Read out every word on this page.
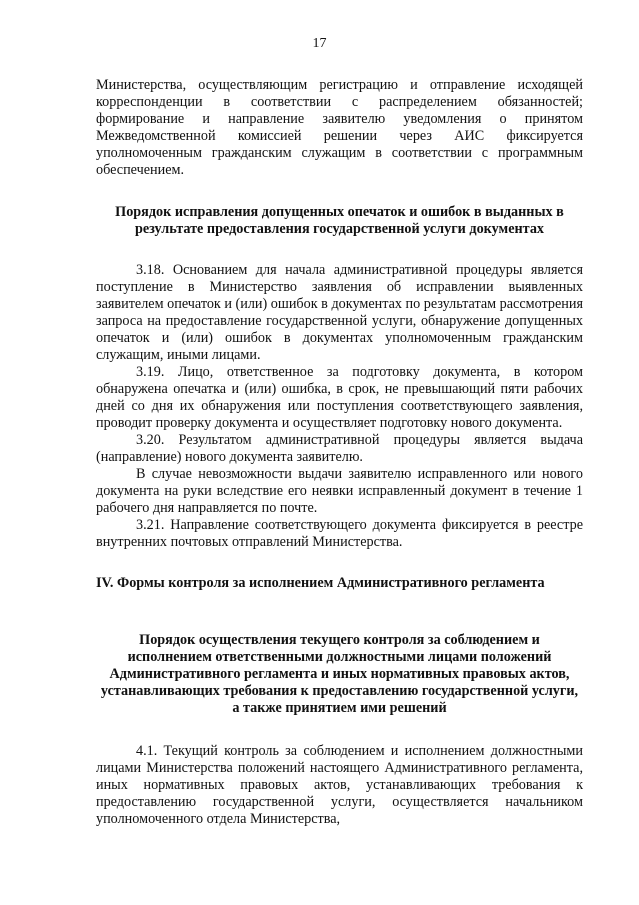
17

Министерства, осуществляющим регистрацию и отправление исходящей корреспонденции в соответствии с распределением обязанностей; формирование и направление заявителю уведомления о принятом Межведомственной комиссией решении через АИС фиксируется уполномоченным гражданским служащим в соответствии с программным обеспечением.

Порядок исправления допущенных опечаток и ошибок в выданных в результате предоставления государственной услуги документах

3.18. Основанием для начала административной процедуры является поступление в Министерство заявления об исправлении выявленных заявителем опечаток и (или) ошибок в документах по результатам рассмотрения запроса на предоставление государственной услуги, обнаружение допущенных опечаток и (или) ошибок в документах уполномоченным гражданским служащим, иными лицами.

3.19. Лицо, ответственное за подготовку документа, в котором обнаружена опечатка и (или) ошибка, в срок, не превышающий пяти рабочих дней со дня их обнаружения или поступления соответствующего заявления, проводит проверку документа и осуществляет подготовку нового документа.

3.20. Результатом административной процедуры является выдача (направление) нового документа заявителю.

В случае невозможности выдачи заявителю исправленного или нового документа на руки вследствие его неявки исправленный документ в течение 1 рабочего дня направляется по почте.

3.21. Направление соответствующего документа фиксируется в реестре внутренних почтовых отправлений Министерства.

IV. Формы контроля за исполнением Административного регламента
Порядок осуществления текущего контроля за соблюдением и исполнением ответственными должностными лицами положений Административного регламента и иных нормативных правовых актов, устанавливающих требования к предоставлению государственной услуги, а также принятием ими решений

4.1. Текущий контроль за соблюдением и исполнением должностными лицами Министерства положений настоящего Административного регламента, иных нормативных правовых актов, устанавливающих требования к предоставлению государственной услуги, осуществляется начальником уполномоченного отдела Министерства,
